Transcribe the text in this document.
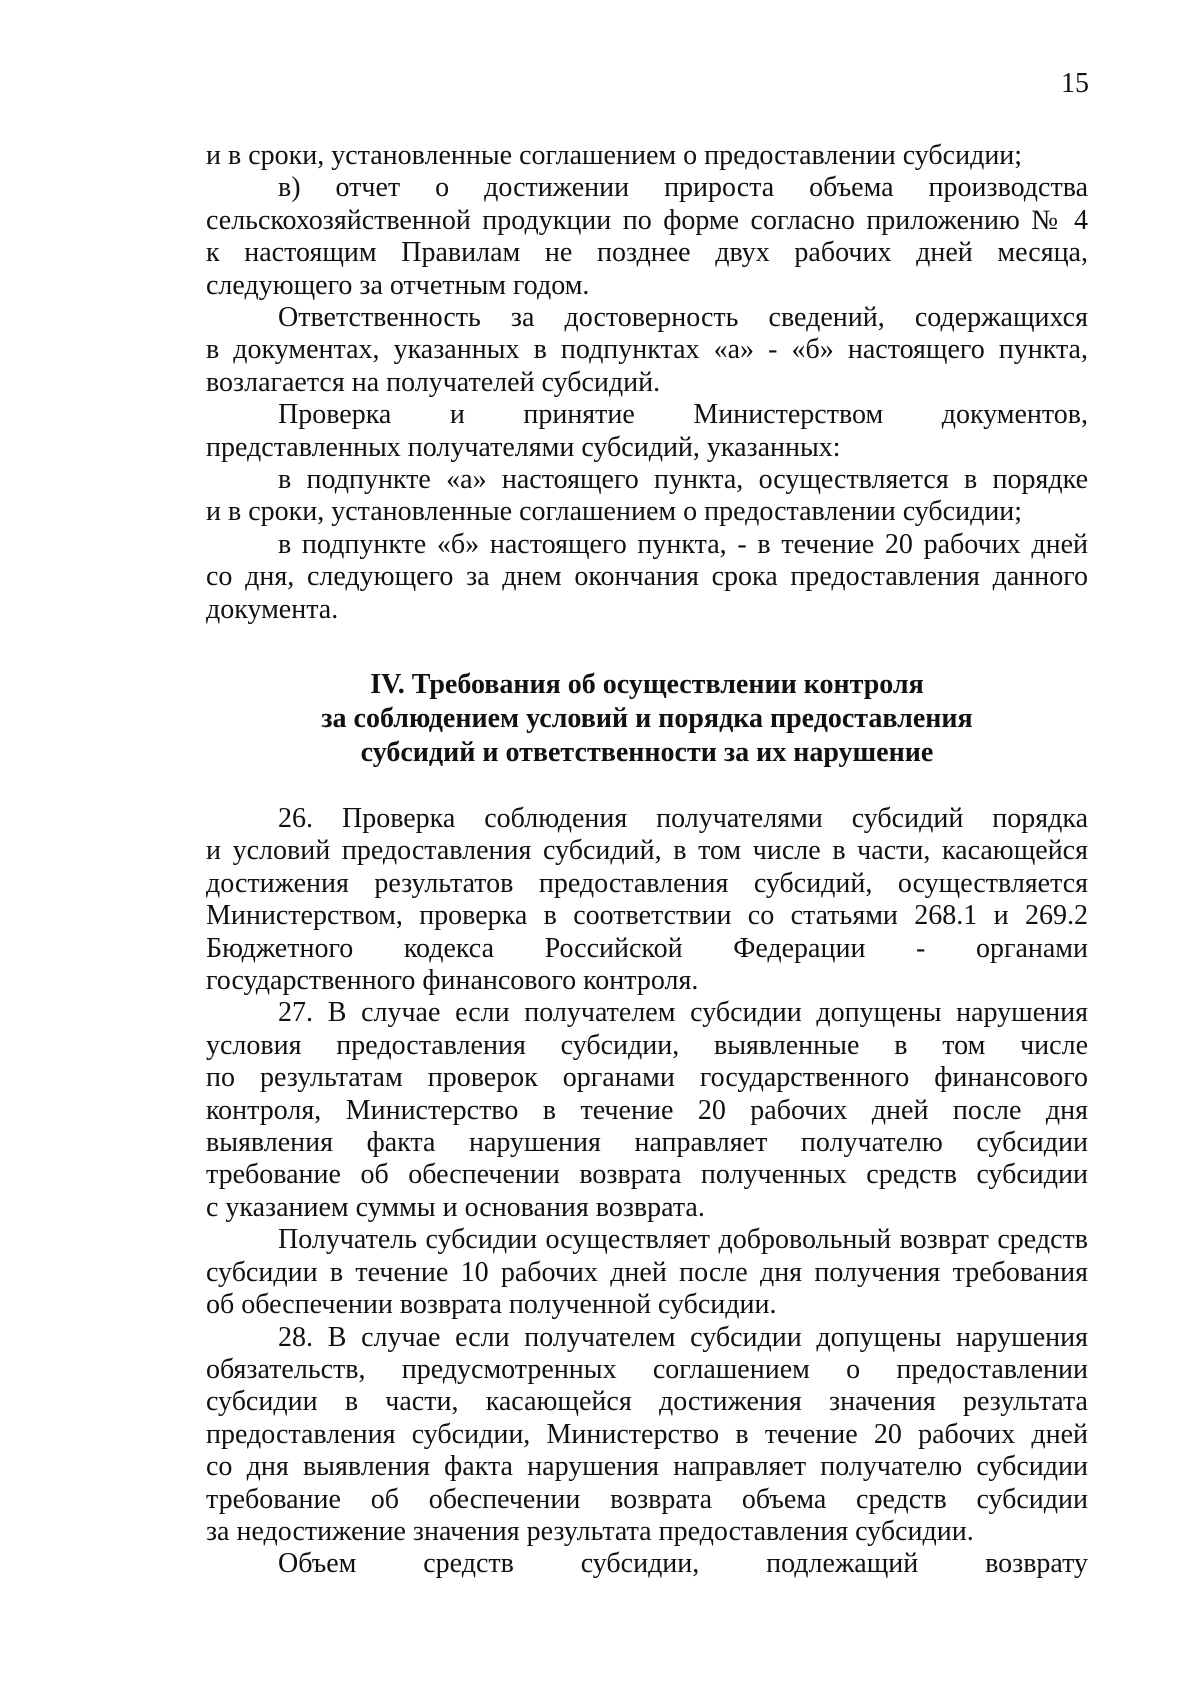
15

и в сроки, установленные соглашением о предоставлении субсидии;

в) отчет о достижении прироста объема производства

сельскохозяйственной продукции по форме согласно приложению № 4

к настоящим Правилам не позднее двух рабочих дней месяца,

следующего за отчетным годом.

Ответственность за достоверность сведений, содержащихся

в документах, указанных в подпунктах «а» - «б» настоящего пункта,

возлагается на получателей субсидий.

Проверка и принятие Министерством документов,

представленных получателями субсидий, указанных:

в подпункте «а» настоящего пункта, осуществляется в порядке

и в сроки, установленные соглашением о предоставлении субсидии;

в подпункте «б» настоящего пункта, - в течение 20 рабочих дней

со дня, следующего за днем окончания срока предоставления данного

документа.

IV. Требования об осуществлении контроля
за соблюдением условий и порядка предоставления
субсидий и ответственности за их нарушение

26. Проверка соблюдения получателями субсидий порядка

и условий предоставления субсидий, в том числе в части, касающейся

достижения результатов предоставления субсидий, осуществляется

Министерством, проверка в соответствии со статьями 268.1 и 269.2

Бюджетного кодекса Российской Федерации - органами

государственного финансового контроля.

27. В случае если получателем субсидии допущены нарушения

условия предоставления субсидии, выявленные в том числе

по результатам проверок органами государственного финансового

контроля, Министерство в течение 20 рабочих дней после дня

выявления факта нарушения направляет получателю субсидии

требование об обеспечении возврата полученных средств субсидии

с указанием суммы и основания возврата.

Получатель субсидии осуществляет добровольный возврат средств

субсидии в течение 10 рабочих дней после дня получения требования

об обеспечении возврата полученной субсидии.

28. В случае если получателем субсидии допущены нарушения

обязательств, предусмотренных соглашением о предоставлении

субсидии в части, касающейся достижения значения результата

предоставления субсидии, Министерство в течение 20 рабочих дней

со дня выявления факта нарушения направляет получателю субсидии

требование об обеспечении возврата объема средств субсидии

за недостижение значения результата предоставления субсидии.

Объем средств субсидии, подлежащий возврату
